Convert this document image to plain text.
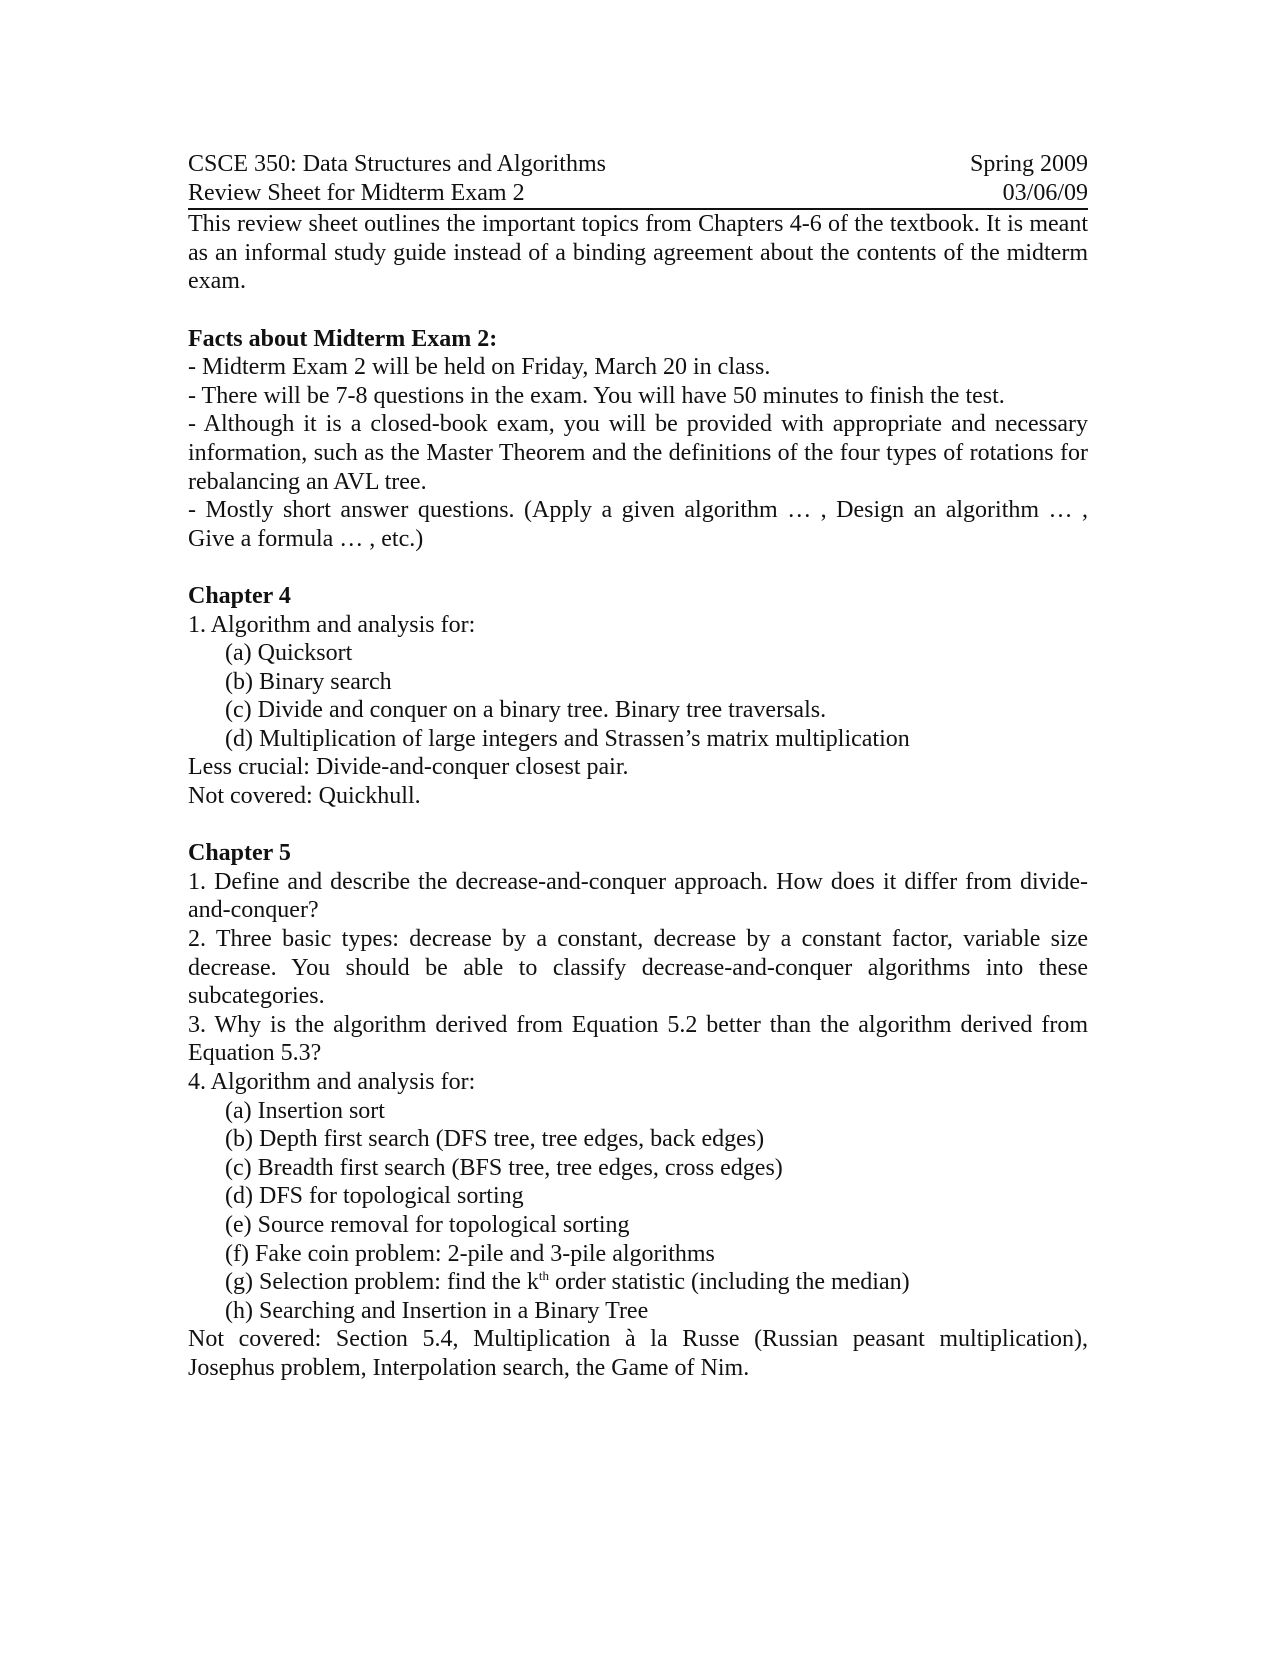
CSCE 350: Data Structures and Algorithms	Spring 2009
Review Sheet for Midterm Exam 2	03/06/09

This review sheet outlines the important topics from Chapters 4-6 of the textbook. It is meant as an informal study guide instead of a binding agreement about the contents of the midterm exam.

Facts about Midterm Exam 2:

- Midterm Exam 2 will be held on Friday, March 20 in class.

- There will be 7-8 questions in the exam. You will have 50 minutes to finish the test.

- Although it is a closed-book exam, you will be provided with appropriate and necessary information, such as the Master Theorem and the definitions of the four types of rotations for rebalancing an AVL tree.

- Mostly short answer questions. (Apply a given algorithm … , Design an algorithm … , Give a formula … , etc.)

Chapter 4

1. Algorithm and analysis for:

(a) Quicksort

(b) Binary search

(c) Divide and conquer on a binary tree. Binary tree traversals.

(d) Multiplication of large integers and Strassen’s matrix multiplication

Less crucial: Divide-and-conquer closest pair.

Not covered: Quickhull.

Chapter 5

1. Define and describe the decrease-and-conquer approach. How does it differ from divide-and-conquer?

2. Three basic types: decrease by a constant, decrease by a constant factor, variable size decrease. You should be able to classify decrease-and-conquer algorithms into these subcategories.

3. Why is the algorithm derived from Equation 5.2 better than the algorithm derived from Equation 5.3?

4. Algorithm and analysis for:

(a) Insertion sort

(b) Depth first search (DFS tree, tree edges, back edges)

(c) Breadth first search (BFS tree, tree edges, cross edges)

(d) DFS for topological sorting

(e) Source removal for topological sorting

(f) Fake coin problem: 2-pile and 3-pile algorithms

(g) Selection problem: find the $k^{th}$ order statistic (including the median)

(h) Searching and Insertion in a Binary Tree

Not covered: Section 5.4, Multiplication à la Russe (Russian peasant multiplication), Josephus problem, Interpolation search, the Game of Nim.
